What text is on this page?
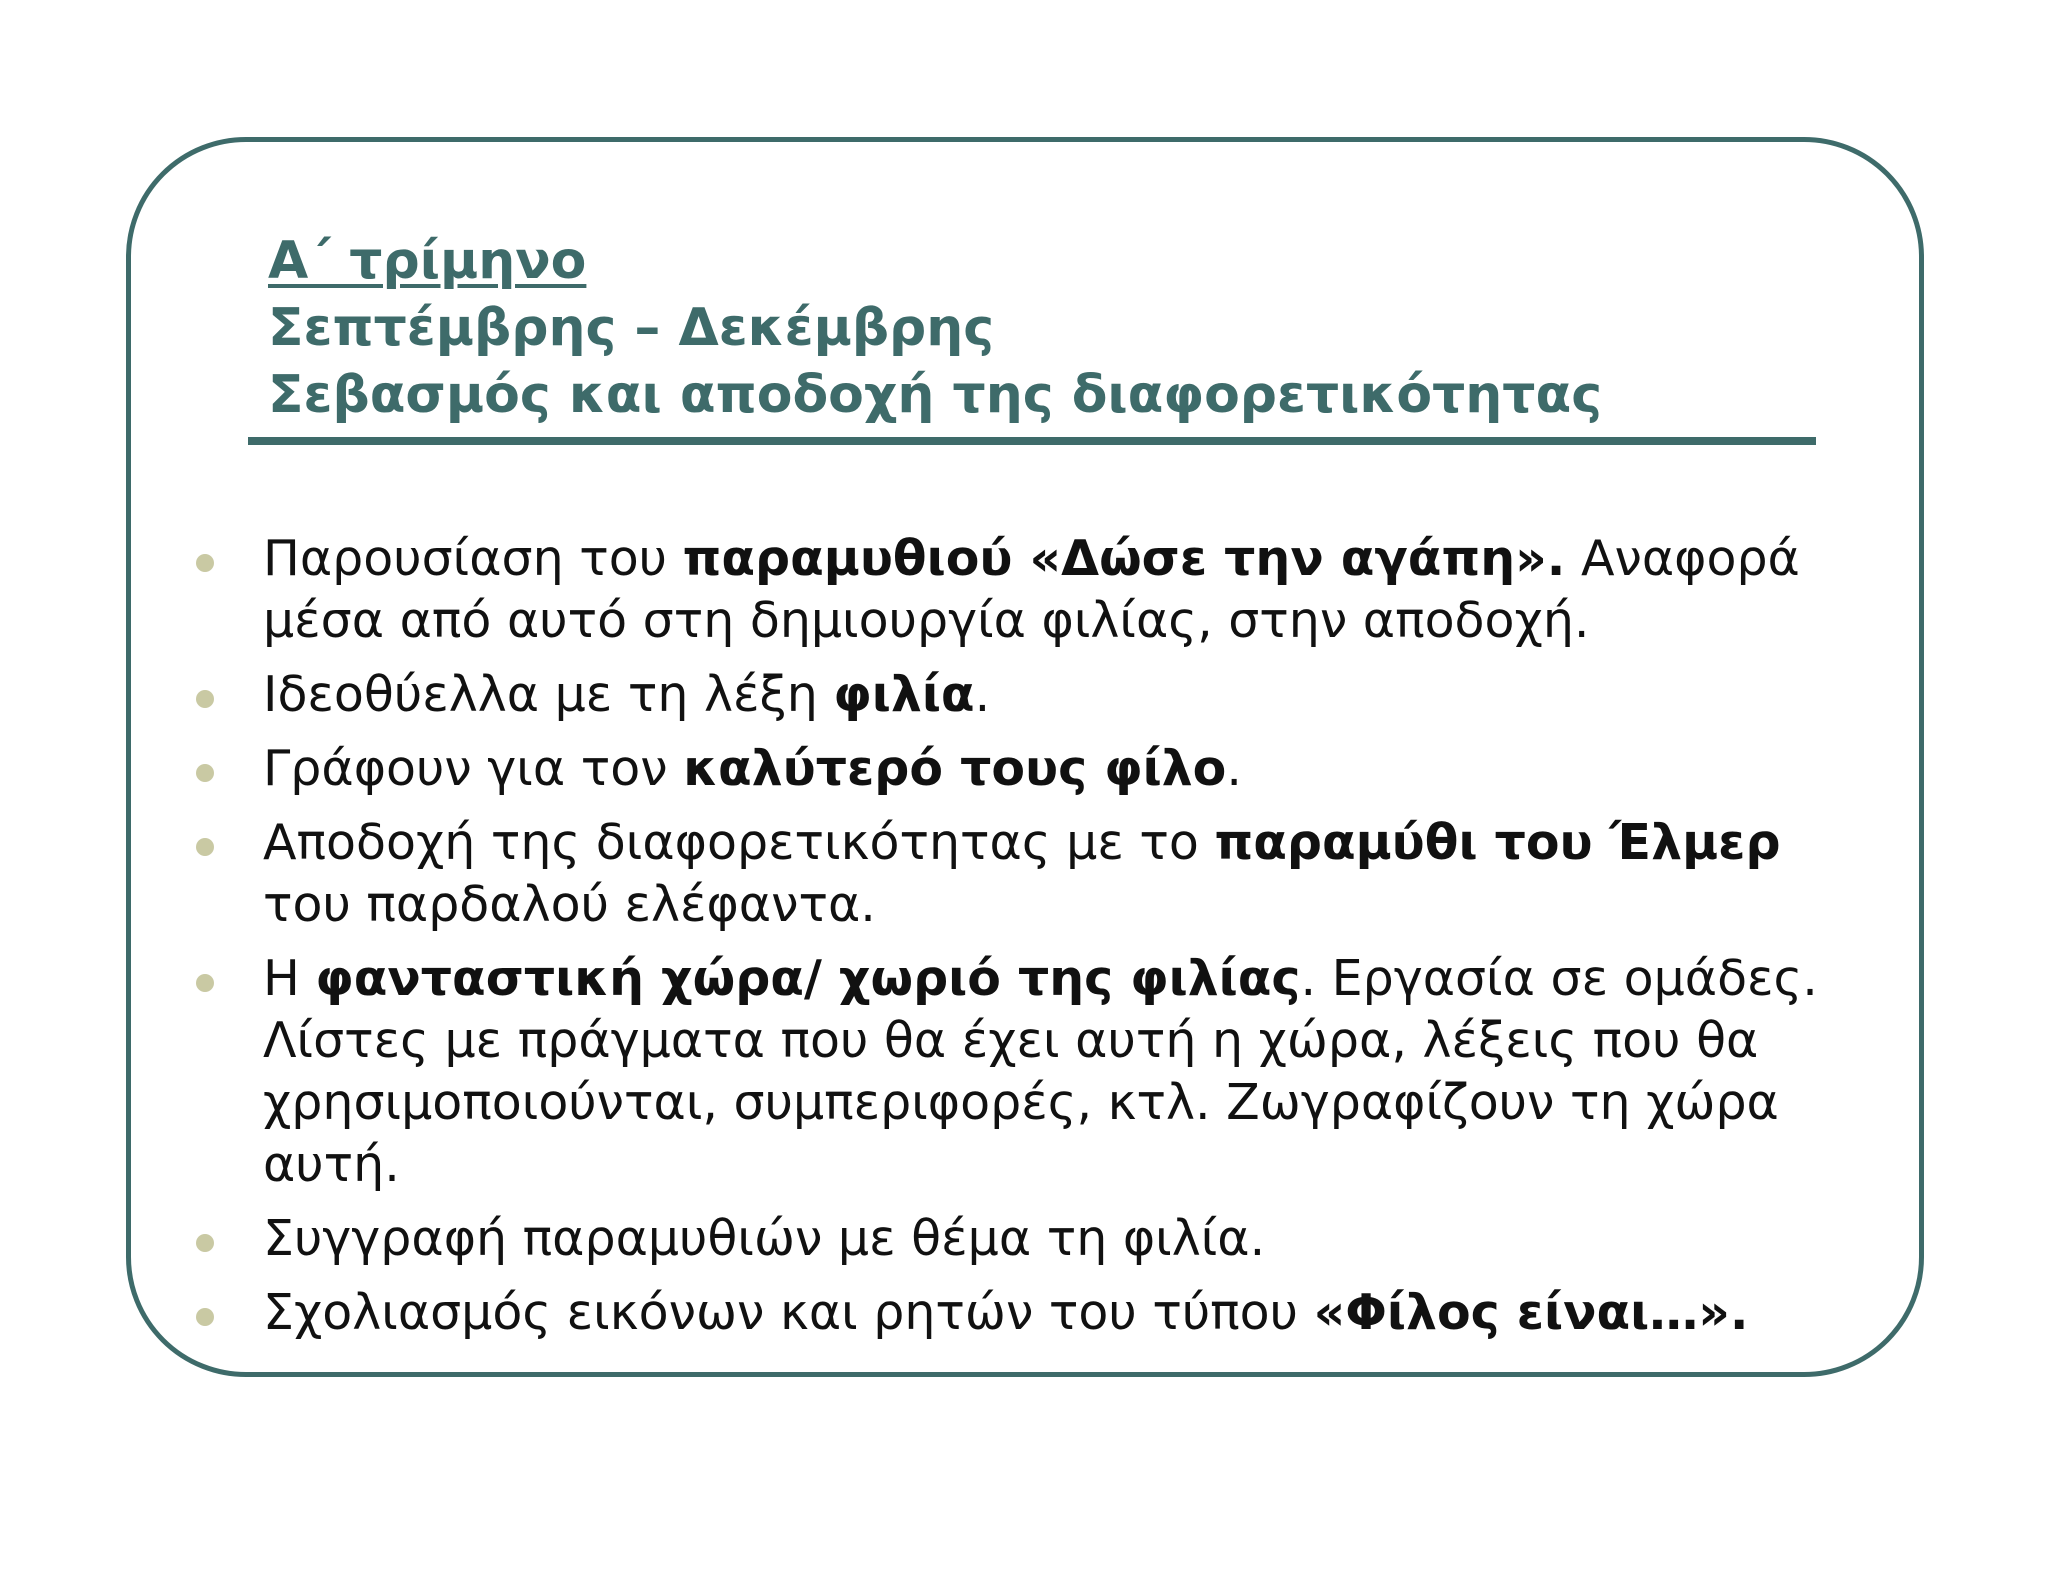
Α΄ τρίμηνο
Σεπτέμβρης – Δεκέμβρης
Σεβασμός και αποδοχή της διαφορετικότητας
Παρουσίαση του παραμυθιού «Δώσε την αγάπη». Αναφορά μέσα από αυτό στη δημιουργία φιλίας, στην αποδοχή.
Ιδεοθύελλα με τη λέξη φιλία.
Γράφουν για τον καλύτερό τους φίλο.
Αποδοχή της διαφορετικότητας με το παραμύθι του Έλμερ του παρδαλού ελέφαντα.
Η φανταστική χώρα/ χωριό της φιλίας. Εργασία σε ομάδες. Λίστες με πράγματα που θα έχει αυτή η χώρα, λέξεις που θα χρησιμοποιούνται, συμπεριφορές, κτλ. Ζωγραφίζουν τη χώρα αυτή.
Συγγραφή παραμυθιών με θέμα τη φιλία.
Σχολιασμός εικόνων και ρητών του τύπου «Φίλος είναι…».
